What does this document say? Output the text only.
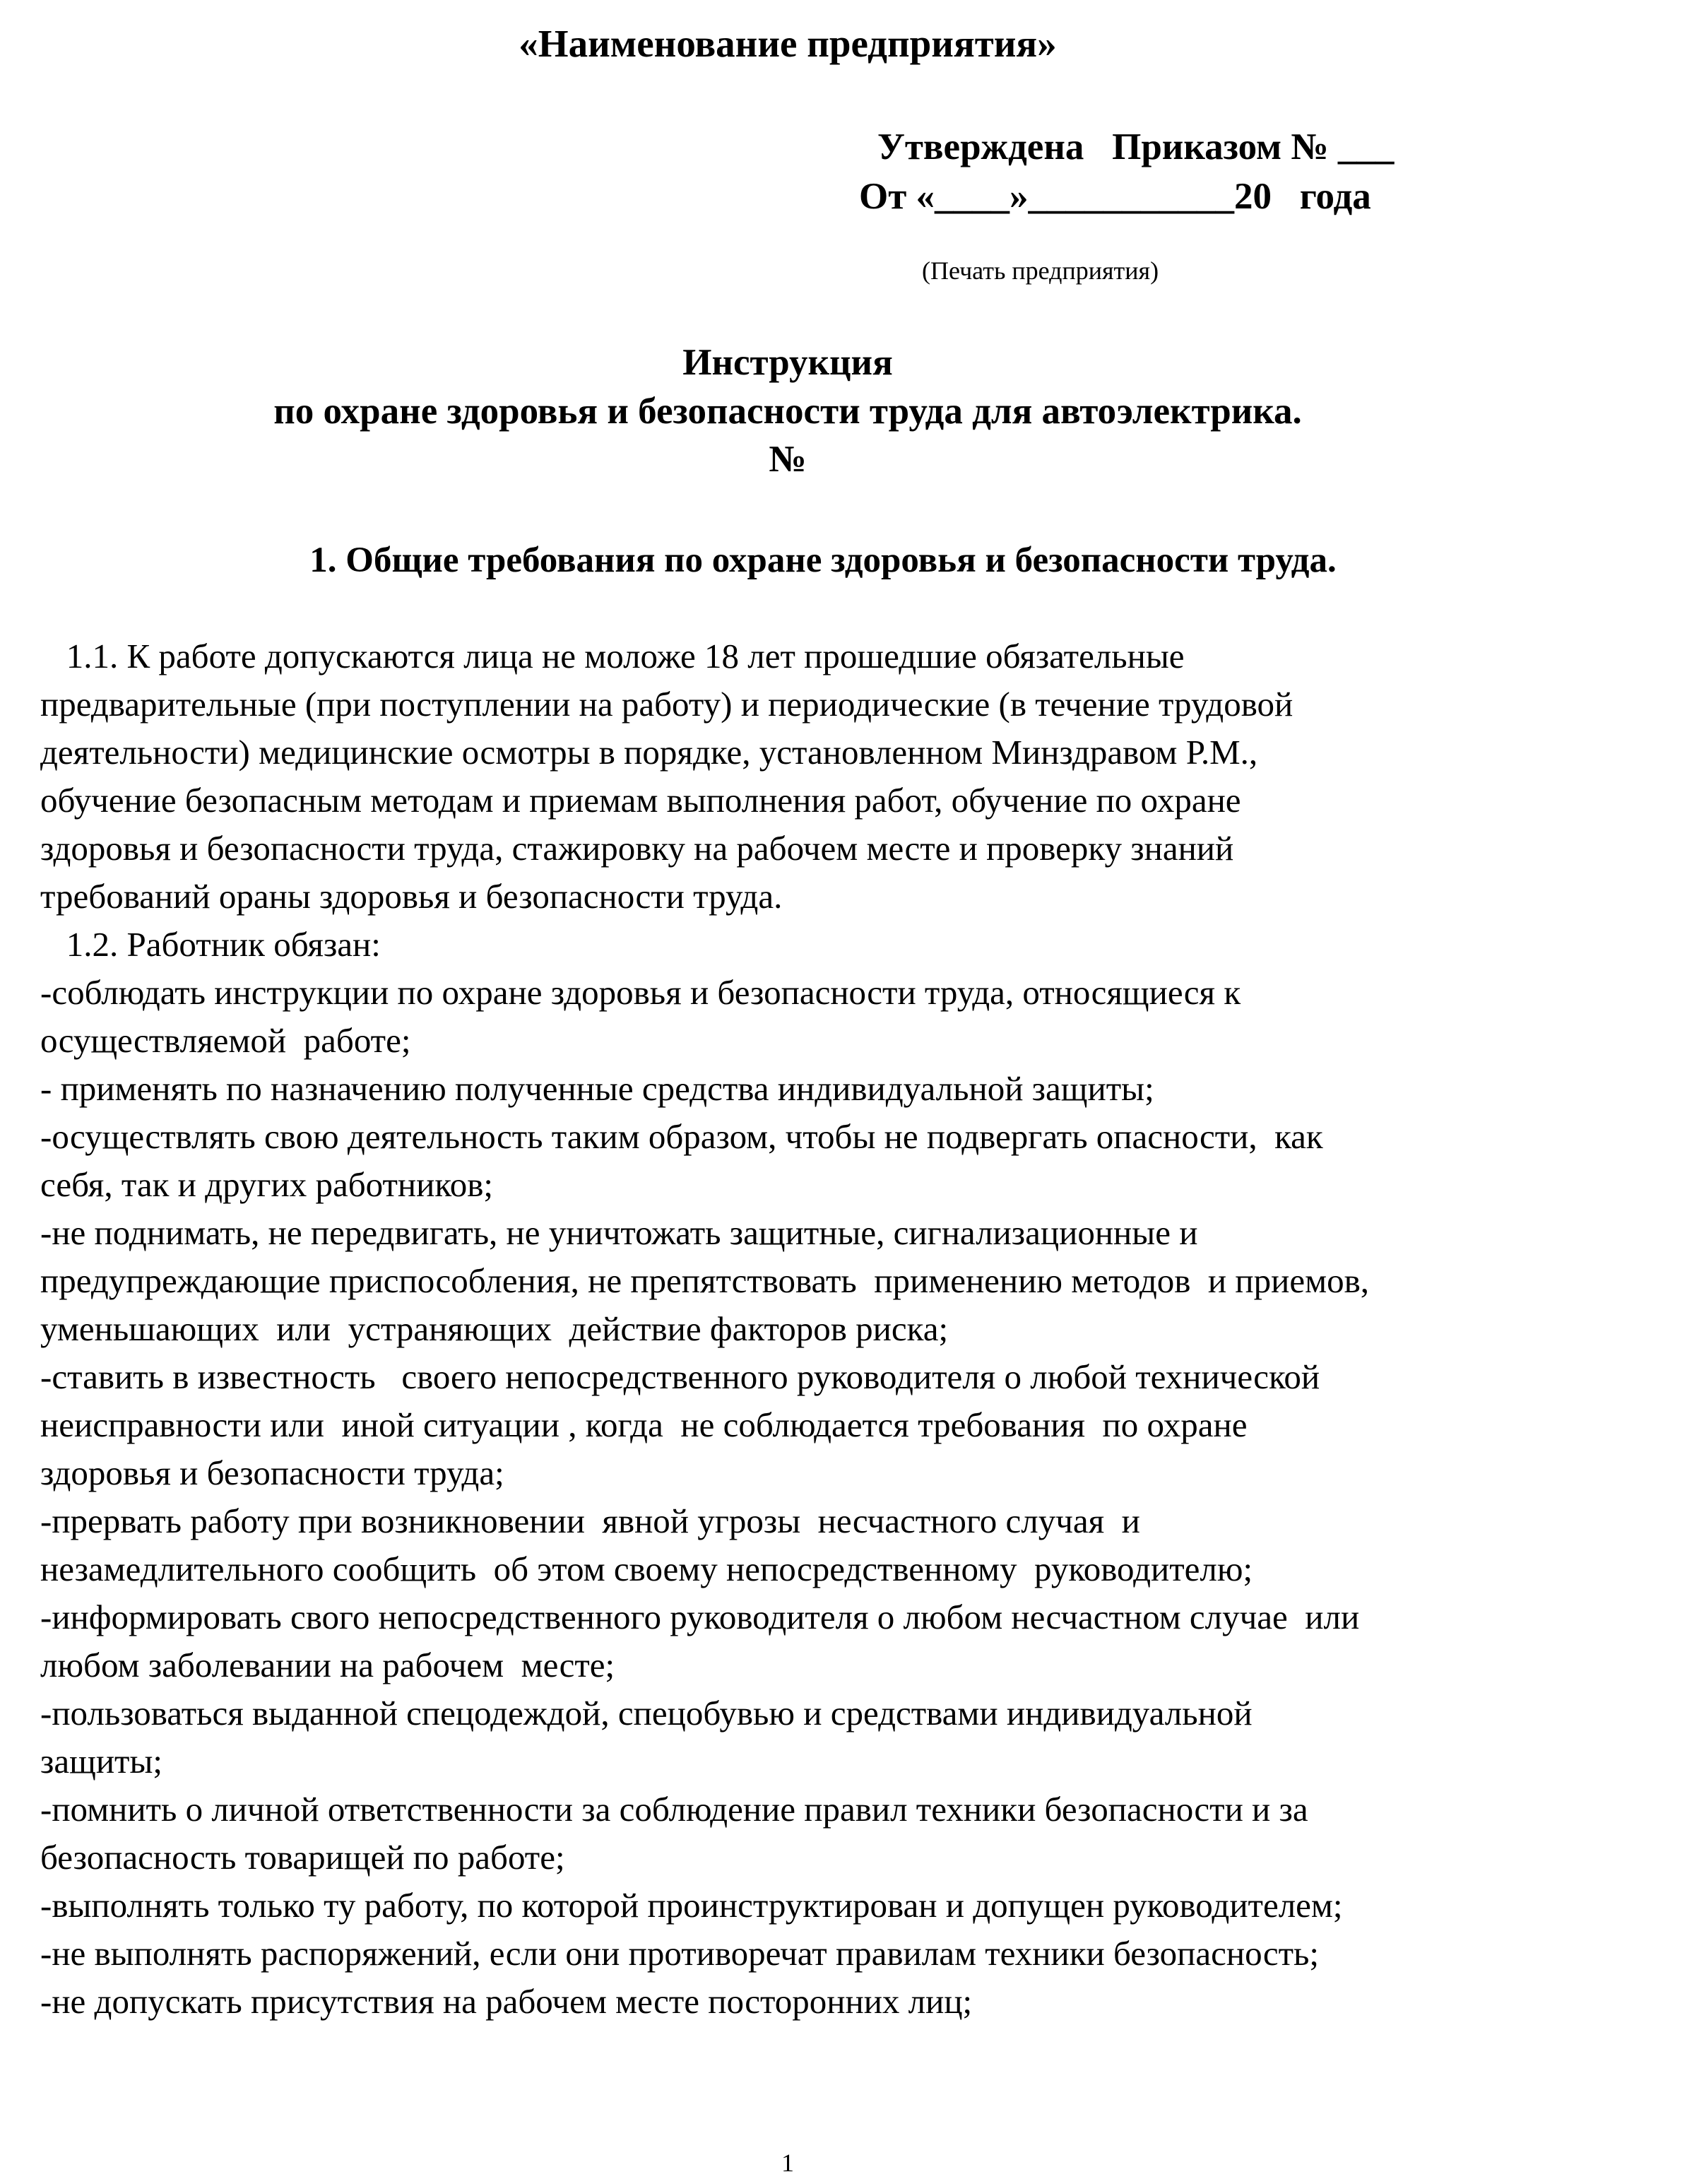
«Наименование предприятия»
Утверждена   Приказом № ___
От «____»___________20   года
(Печать предприятия)
Инструкция
по охране здоровья и безопасности труда для автоэлектрика.
№
1. Общие требования по охране здоровья и безопасности труда.
1.1. К работе допускаются лица не моложе 18 лет прошедшие обязательные
предварительные (при поступлении на работу) и периодические (в течение трудовой
деятельности) медицинские осмотры в порядке, установленном Минздравом Р.М.,
обучение безопасным методам и приемам выполнения работ, обучение по охране
здоровья и безопасности труда, стажировку на рабочем месте и проверку знаний
требований ораны здоровья и безопасности труда.
1.2. Работник обязан:
-соблюдать инструкции по охране здоровья и безопасности труда, относящиеся к
осуществляемой  работе;
- применять по назначению полученные средства индивидуальной защиты;
-осуществлять свою деятельность таким образом, чтобы не подвергать опасности,  как
себя, так и других работников;
-не поднимать, не передвигать, не уничтожать защитные, сигнализационные и
предупреждающие приспособления, не препятствовать  применению методов  и приемов,
уменьшающих  или  устраняющих  действие факторов риска;
-ставить в известность   своего непосредственного руководителя о любой технической
неисправности или  иной ситуации , когда  не соблюдается требования  по охране
здоровья и безопасности труда;
-прервать работу при возникновении  явной угрозы  несчастного случая  и
незамедлительного сообщить  об этом своему непосредственному  руководителю;
-информировать свого непосредственного руководителя о любом несчастном случае  или
любом заболевании на рабочем  месте;
-пользоваться выданной спецодеждой, спецобувью и средствами индивидуальной
защиты;
-помнить о личной ответственности за соблюдение правил техники безопасности и за
безопасность товарищей по работе;
-выполнять только ту работу, по которой проинструктирован и допущен руководителем;
-не выполнять распоряжений, если они противоречат правилам техники безопасность;
-не допускать присутствия на рабочем месте посторонних лиц;
1
